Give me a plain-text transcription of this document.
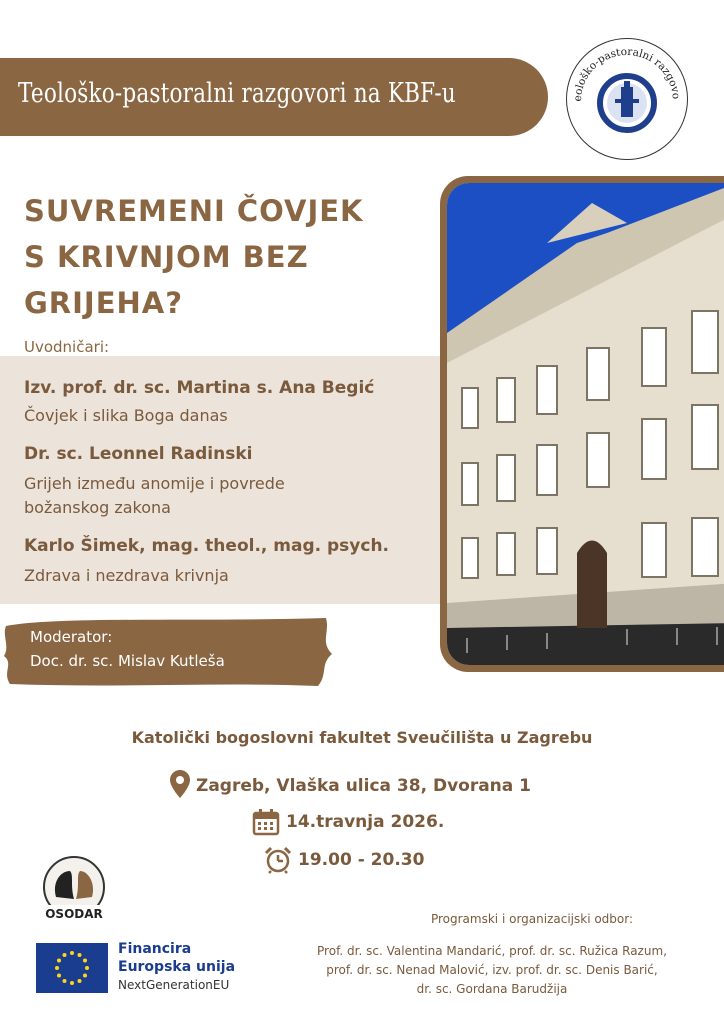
Teološko-pastoralni razgovori na KBF-u	eološko-pastoralni razgovo
SUVREMENI ČOVJEK
S KRIVNJOM BEZ
GRIJEHA?
Uvodničari:
Izv. prof. dr. sc. Martina s. Ana Begić
Čovjek i slika Boga danas
Dr. sc. Leonnel Radinski
Grijeh između anomije i povrede
božanskog zakona
Karlo Šimek, mag. theol., mag. psych.
Zdrava i nezdrava krivnja
Moderator:
Doc. dr. sc. Mislav Kutleša
Katolički bogoslovni fakultet Sveučilišta u Zagrebu
Zagreb, Vlaška ulica 38, Dvorana 1
14.travnja 2026.
19.00 - 20.30
OSODAR
Financira
Europska unija
NextGenerationEU
Programski i organizacijski odbor:
Prof. dr. sc. Valentina Mandarić, prof. dr. sc. Ružica Razum,
prof. dr. sc. Nenad Malović, izv. prof. dr. sc. Denis Barić,
dr. sc. Gordana Barudžija
